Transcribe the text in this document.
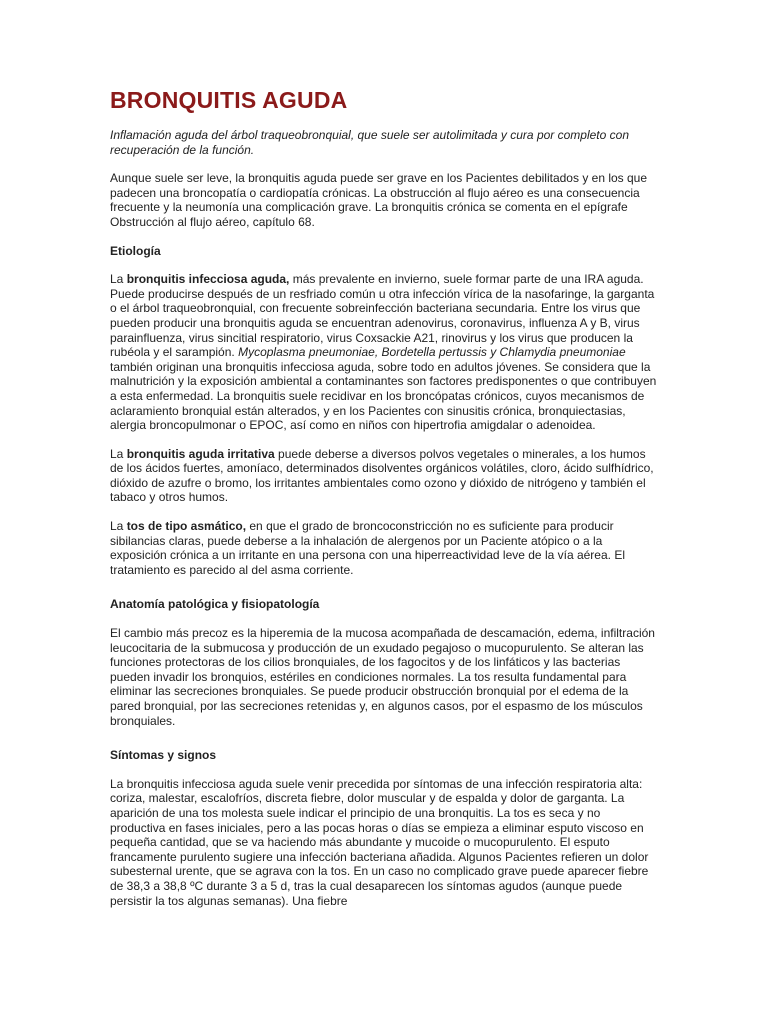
BRONQUITIS AGUDA

Inflamación aguda del árbol traqueobronquial, que suele ser autolimitada y cura por completo con recuperación de la función.

Aunque suele ser leve, la bronquitis aguda puede ser grave en los Pacientes debilitados y en los que padecen una broncopatía o cardiopatía crónicas. La obstrucción al flujo aéreo es una consecuencia frecuente y la neumonía una complicación grave. La bronquitis crónica se comenta en el epígrafe Obstrucción al flujo aéreo, capítulo 68.

Etiología

La bronquitis infecciosa aguda, más prevalente en invierno, suele formar parte de una IRA aguda. Puede producirse después de un resfriado común u otra infección vírica de la nasofaringe, la garganta o el árbol traqueobronquial, con frecuente sobreinfección bacteriana secundaria. Entre los virus que pueden producir una bronquitis aguda se encuentran adenovirus, coronavirus, influenza A y B, virus parainfluenza, virus sincitial respiratorio, virus Coxsackie A21, rinovirus y los virus que producen la rubéola y el sarampión. Mycoplasma pneumoniae, Bordetella pertussis y Chlamydia pneumoniae también originan una bronquitis infecciosa aguda, sobre todo en adultos jóvenes. Se considera que la malnutrición y la exposición ambiental a contaminantes son factores predisponentes o que contribuyen a esta enfermedad. La bronquitis suele recidivar en los broncópatas crónicos, cuyos mecanismos de aclaramiento bronquial están alterados, y en los Pacientes con sinusitis crónica, bronquiectasias, alergia broncopulmonar o EPOC, así como en niños con hipertrofia amigdalar o adenoidea.

La bronquitis aguda irritativa puede deberse a diversos polvos vegetales o minerales, a los humos de los ácidos fuertes, amoníaco, determinados disolventes orgánicos volátiles, cloro, ácido sulfhídrico, dióxido de azufre o bromo, los irritantes ambientales como ozono y dióxido de nitrógeno y también el tabaco y otros humos.

La tos de tipo asmático, en que el grado de broncoconstricción no es suficiente para producir sibilancias claras, puede deberse a la inhalación de alergenos por un Paciente atópico o a la exposición crónica a un irritante en una persona con una hiperreactividad leve de la vía aérea. El tratamiento es parecido al del asma corriente.

Anatomía patológica y fisiopatología

El cambio más precoz es la hiperemia de la mucosa acompañada de descamación, edema, infiltración leucocitaria de la submucosa y producción de un exudado pegajoso o mucopurulento. Se alteran las funciones protectoras de los cilios bronquiales, de los fagocitos y de los linfáticos y las bacterias pueden invadir los bronquios, estériles en condiciones normales. La tos resulta fundamental para eliminar las secreciones bronquiales. Se puede producir obstrucción bronquial por el edema de la pared bronquial, por las secreciones retenidas y, en algunos casos, por el espasmo de los músculos bronquiales.

Síntomas y signos

La bronquitis infecciosa aguda suele venir precedida por síntomas de una infección respiratoria alta: coriza, malestar, escalofríos, discreta fiebre, dolor muscular y de espalda y dolor de garganta. La aparición de una tos molesta suele indicar el principio de una bronquitis. La tos es seca y no productiva en fases iniciales, pero a las pocas horas o días se empieza a eliminar esputo viscoso en pequeña cantidad, que se va haciendo más abundante y mucoide o mucopurulento. El esputo francamente purulento sugiere una infección bacteriana añadida. Algunos Pacientes refieren un dolor subesternal urente, que se agrava con la tos. En un caso no complicado grave puede aparecer fiebre de 38,3 a 38,8 ºC durante 3 a 5 d, tras la cual desaparecen los síntomas agudos (aunque puede persistir la tos algunas semanas). Una fiebre
